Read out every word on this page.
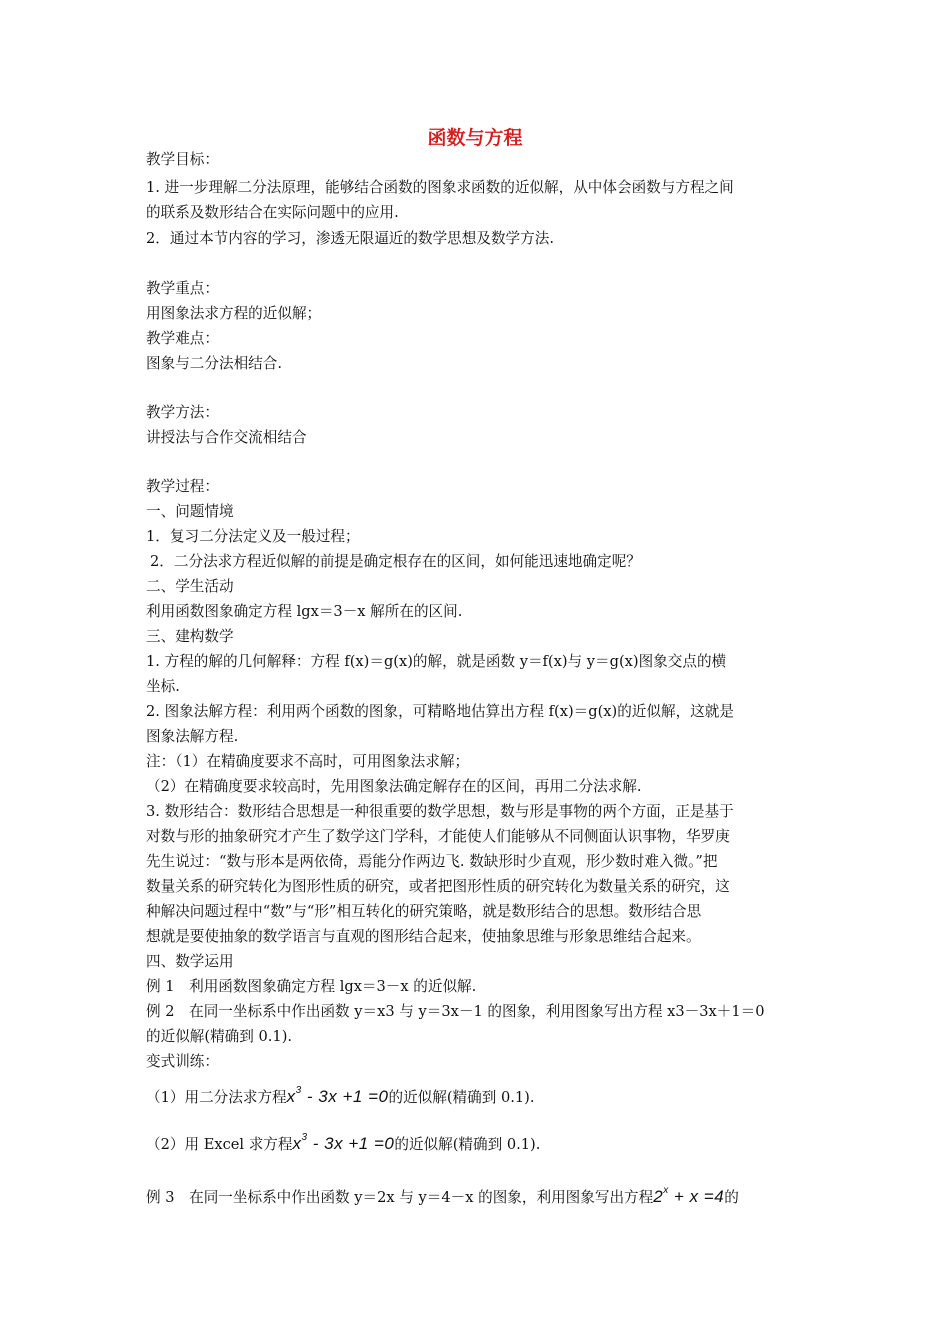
函数与方程
教学目标：
1. 进一步理解二分法原理，能够结合函数的图象求函数的近似解，从中体会函数与方程之间
的联系及数形结合在实际问题中的应用.
2．通过本节内容的学习，渗透无限逼近的数学思想及数学方法.
教学重点：
用图象法求方程的近似解；
教学难点：
图象与二分法相结合.
教学方法：
讲授法与合作交流相结合
教学过程：
一、问题情境
1．复习二分法定义及一般过程；
2．二分法求方程近似解的前提是确定根存在的区间，如何能迅速地确定呢？
二、学生活动
利用函数图象确定方程 lgx＝3－x 解所在的区间.
三、建构数学
1. 方程的解的几何解释：方程 f(x)＝g(x)的解，就是函数 y＝f(x)与 y＝g(x)图象交点的横
坐标.
2. 图象法解方程：利用两个函数的图象，可精略地估算出方程 f(x)＝g(x)的近似解，这就是
图象法解方程.
注：（1）在精确度要求不高时，可用图象法求解；
（2）在精确度要求较高时，先用图象法确定解存在的区间，再用二分法求解.
3. 数形结合：数形结合思想是一种很重要的数学思想，数与形是事物的两个方面，正是基于
对数与形的抽象研究才产生了数学这门学科，才能使人们能够从不同侧面认识事物，华罗庚
先生说过：“数与形本是两依倚，焉能分作两边飞. 数缺形时少直观，形少数时难入微。”把
数量关系的研究转化为图形性质的研究，或者把图形性质的研究转化为数量关系的研究，这
种解决问题过程中“数”与“形”相互转化的研究策略，就是数形结合的思想。数形结合思
想就是要使抽象的数学语言与直观的图形结合起来，使抽象思维与形象思维结合起来。
四、数学运用
例 1　利用函数图象确定方程 lgx＝3－x 的近似解.
例 2　在同一坐标系中作出函数 y＝x3 与 y＝3x－1 的图象，利用图象写出方程 x3－3x＋1＝0
的近似解(精确到 0.1).
变式训练：
（1）用二分法求方程$x^3 - 3x +1 =0$的近似解(精确到 0.1).
（2）用 Excel 求方程$x^3 - 3x +1 =0$的近似解(精确到 0.1).
例 3　在同一坐标系中作出函数 y＝2x 与 y＝4－x 的图象，利用图象写出方程$2^x + x =4$的
